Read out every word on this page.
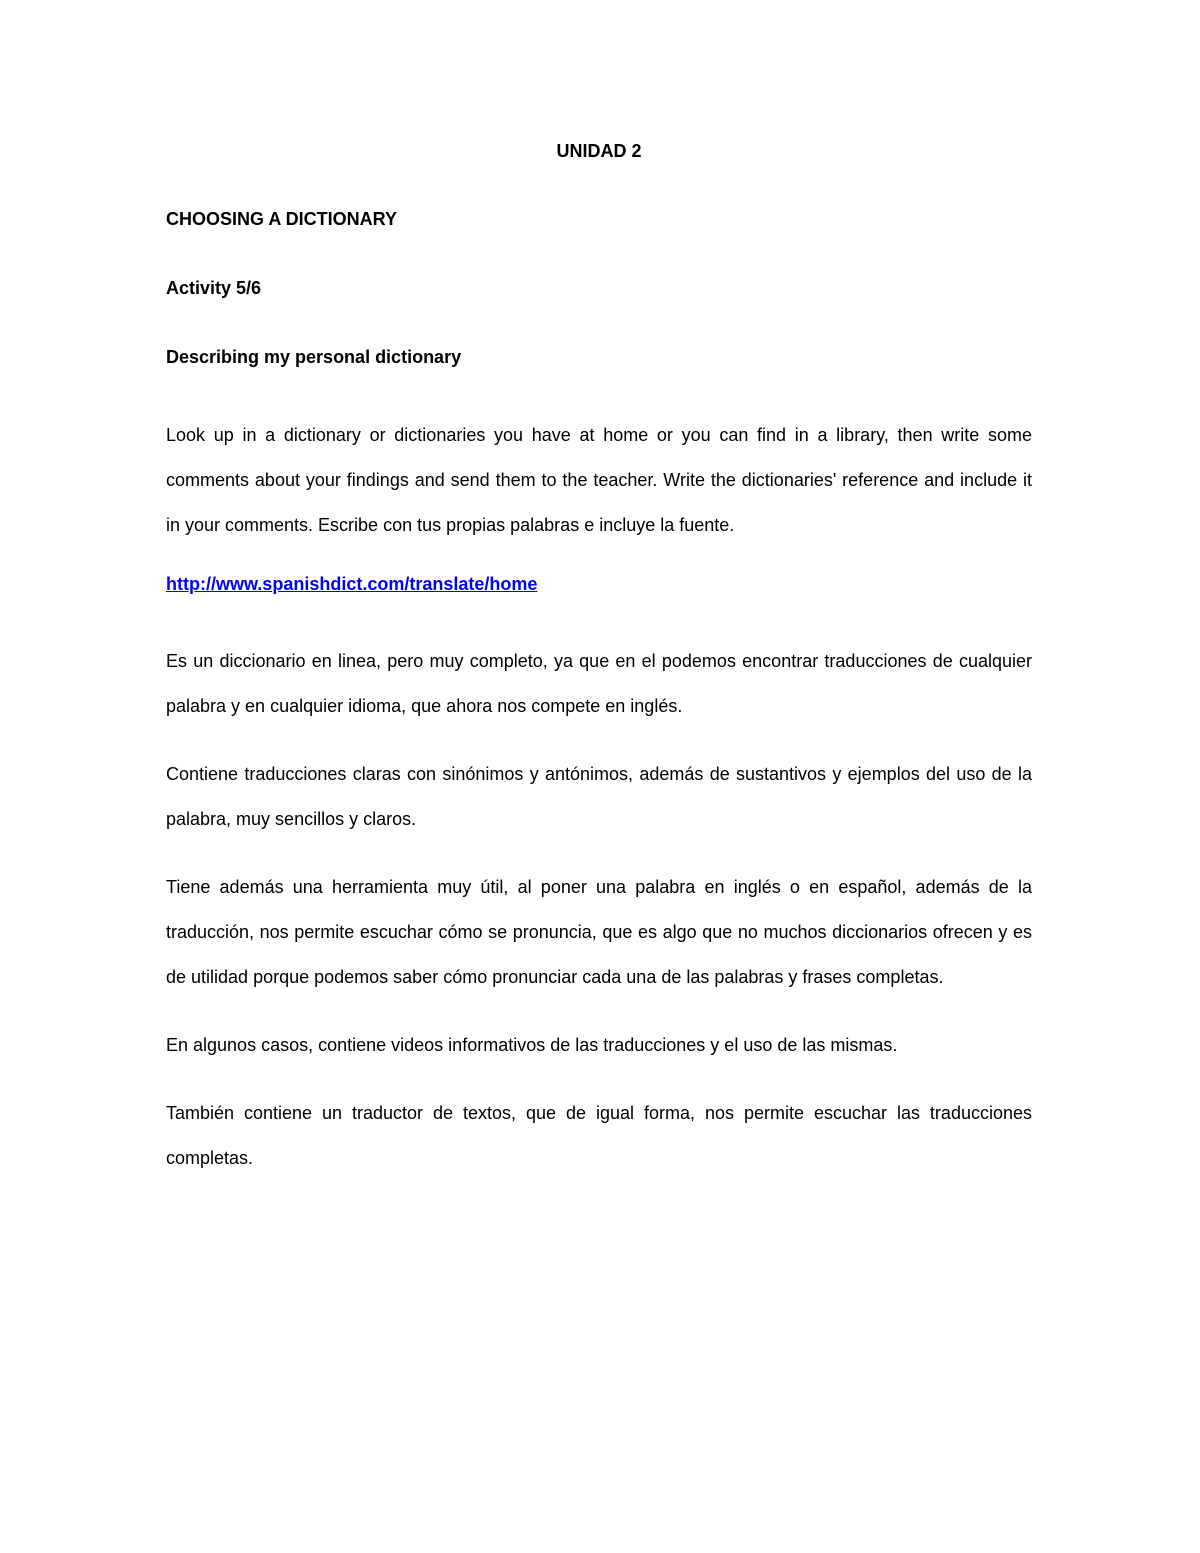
UNIDAD 2
CHOOSING A DICTIONARY
Activity 5/6
Describing my personal dictionary
Look up in a dictionary or dictionaries you have at home or you can find in a library, then write some comments about your findings and send them to the teacher. Write the dictionaries' reference and include it in your comments. Escribe con tus propias palabras e incluye la fuente.
http://www.spanishdict.com/translate/home
Es un diccionario en linea, pero muy completo, ya que en el podemos encontrar traducciones de cualquier palabra y en cualquier idioma, que ahora nos compete en inglés.
Contiene traducciones claras con sinónimos y antónimos, además de sustantivos y ejemplos del uso de la palabra, muy sencillos y claros.
Tiene además una herramienta muy útil, al poner una palabra en inglés o en español, además de la traducción, nos permite escuchar cómo se pronuncia, que es algo que no muchos diccionarios ofrecen y es de utilidad porque podemos saber cómo pronunciar cada una de las palabras y frases completas.
En algunos casos, contiene videos informativos de las traducciones y el uso de las mismas.
También contiene un traductor de textos, que de igual forma, nos permite escuchar las traducciones completas.
